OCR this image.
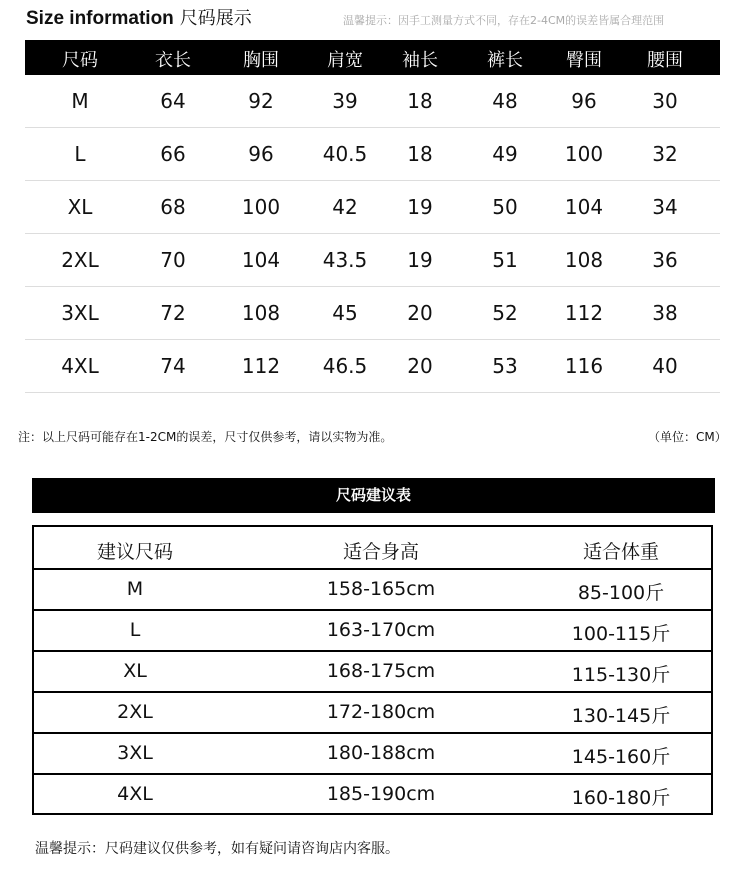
Size information 尺码展示	温馨提示：因手工测量方式不同，存在2-4CM的误差皆属合理范围
尺码	衣长	胸围	肩宽 袖长	裤长 臀围	腰围
M	64	92	39 18	48	96	30
L	66	96 40.5 18	49 100 32
XL	68	100	42 19	50 104 34
2XL	70	104 43.5 19	51 108 36
3XL	72	108	45 20	52 112 38
4XL	74	112 46.5 20	53 116 40
注：以上尺码可能存在1-2CM的误差，尺寸仅供参考，请以实物为准。	（单位：CM）
尺码建议表
建议尺码	适合身高	适合体重
M	158-165cm	85-100斤
L	163-170cm	100-115斤
XL	168-175cm	115-130斤
2XL	172-180cm	130-145斤
3XL	180-188cm	145-160斤
4XL	185-190cm	160-180斤
温馨提示：尺码建议仅供参考，如有疑问请咨询店内客服。
